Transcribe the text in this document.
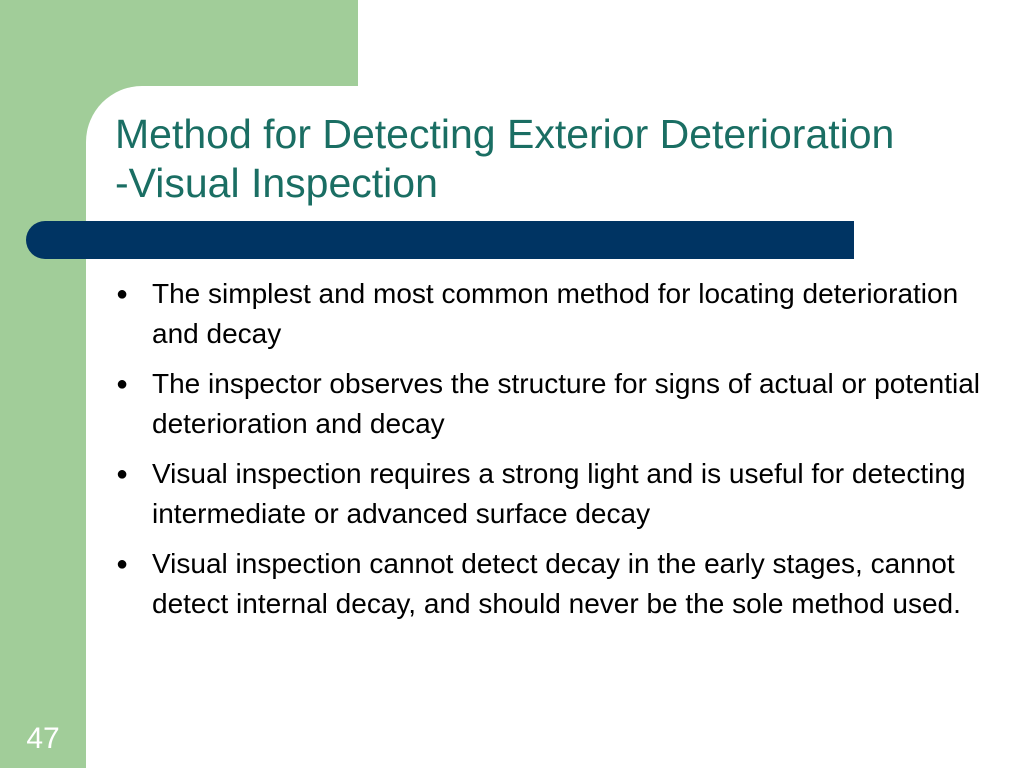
Method for Detecting Exterior Deterioration
-Visual Inspection
● The simplest and most common method for locating deterioration and decay
● The inspector observes the structure for signs of actual or potential deterioration and decay
● Visual inspection requires a strong light and is useful for detecting intermediate or advanced surface decay
● Visual inspection cannot detect decay in the early stages, cannot detect internal decay, and should never be the sole method used.
47
